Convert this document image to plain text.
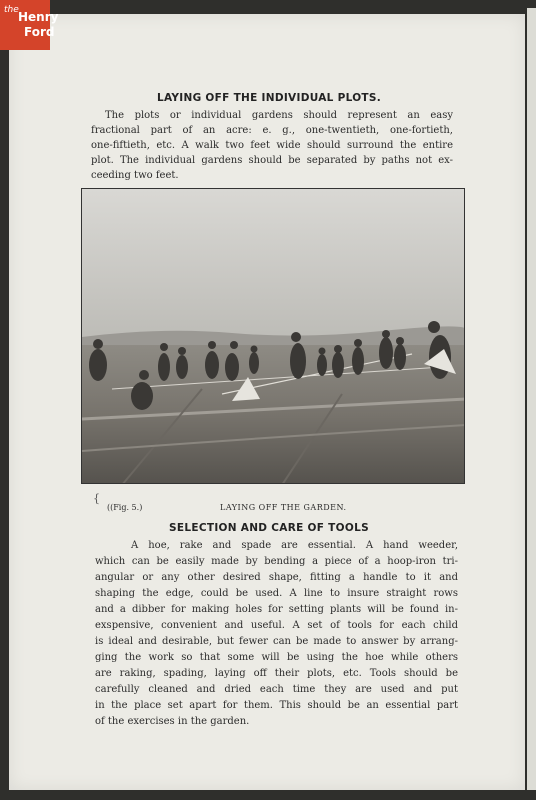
LAYING OFF THE INDIVIDUAL PLOTS.
The plots or individual gardens should represent an easy
fractional part of an acre: e. g., one-twentieth, one-fortieth,
one-fiftieth, etc. A walk two feet wide should surround the entire
plot. The individual gardens should be separated by paths not ex-
ceeding two feet.
{
((Fig. 5.)	LAYING OFF THE GARDEN.
SELECTION AND CARE OF TOOLS
A hoe, rake and spade are essential. A hand weeder,
which can be easily made by bending a piece of a hoop-iron tri-
angular or any other desired shape, fitting a handle to it and
shaping the edge, could be used. A line to insure straight rows
and a dibber for making holes for setting plants will be found in-
exspensive, convenient and useful. A set of tools for each child
is ideal and desirable, but fewer can be made to answer by arrang-
ging the work so that some will be using the hoe while others
are raking, spading, laying off their plots, etc. Tools should be
carefully cleaned and dried each time they are used and put
in the place set apart for them. This should be an essential part
of the exercises in the garden.
the Henry
Ford
